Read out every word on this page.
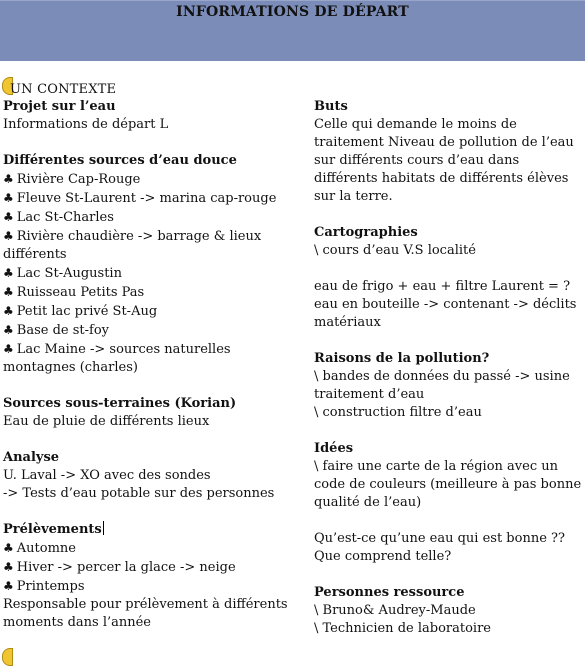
INFORMATIONS DE DÉPART
UN CONTEXTE
Projet sur l’eau
Informations de départ L
Différentes sources d’eau douce
♣ Rivière Cap-Rouge
♣ Fleuve St-Laurent -> marina cap-rouge
♣ Lac St-Charles
♣ Rivière chaudière -> barrage & lieux différents
♣ Lac St-Augustin
♣ Ruisseau Petits Pas
♣ Petit lac privé St-Aug
♣ Base de st-foy
♣ Lac Maine -> sources naturelles montagnes (charles)
Sources sous-terraines (Korian)
Eau de pluie de différents lieux
Analyse
U. Laval -> XO avec des sondes
-> Tests d’eau potable sur des personnes
Prélèvements
♣ Automne
♣ Hiver -> percer la glace -> neige
♣ Printemps
Responsable pour prélèvement à différents moments dans l’année
Buts
Celle qui demande le moins de traitement Niveau de pollution de l’eau sur différents cours d’eau dans différents habitats de différents élèves sur la terre.
Cartographies
\ cours d’eau V.S localité
eau de frigo + eau + filtre Laurent = ?
eau en bouteille -> contenant -> déclits matériaux
Raisons de la pollution?
\ bandes de données du passé -> usine traitement d’eau
\ construction filtre d’eau
Idées
\ faire une carte de la région avec un code de couleurs (meilleure à pas bonne qualité de l’eau)
Qu’est-ce qu’une eau qui est bonne ??
Que comprend telle?
Personnes ressource
\ Bruno& Audrey-Maude
\ Technicien de laboratoire
